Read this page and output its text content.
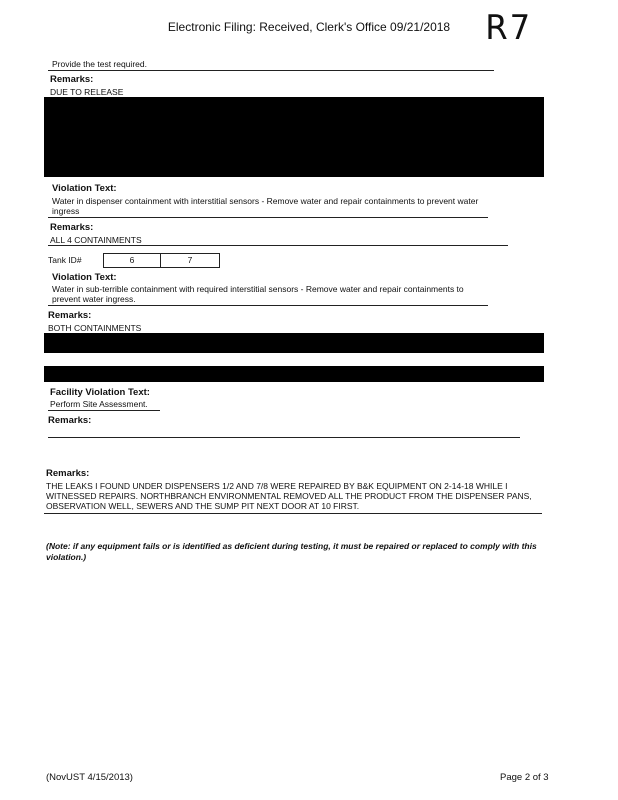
Electronic Filing: Received, Clerk's Office 09/21/2018	R7
Provide the test required.
Remarks:
DUE TO RELEASE
Violation Text:
Water in dispenser containment with interstitial sensors - Remove water and repair containments to prevent water ingress
Remarks:
ALL 4 CONTAINMENTS
Tank ID#	6	7
Violation Text:
Water in sub-terrible containment with required interstitial sensors - Remove water and repair containments to prevent water ingress.
Remarks:
BOTH CONTAINMENTS
Facility Violation Text:
Perform Site Assessment.
Remarks:
Remarks:
THE LEAKS I FOUND UNDER DISPENSERS 1/2 AND 7/8 WERE REPAIRED BY B&K EQUIPMENT ON 2-14-18 WHILE I WITNESSED REPAIRS. NORTHBRANCH ENVIRONMENTAL REMOVED ALL THE PRODUCT FROM THE DISPENSER PANS, OBSERVATION WELL, SEWERS AND THE SUMP PIT NEXT DOOR AT 10 FIRST.
(Note: if any equipment fails or is identified as deficient during testing, it must be repaired or replaced to comply with this violation.)
(NovUST 4/15/2013)	Page 2 of 3
